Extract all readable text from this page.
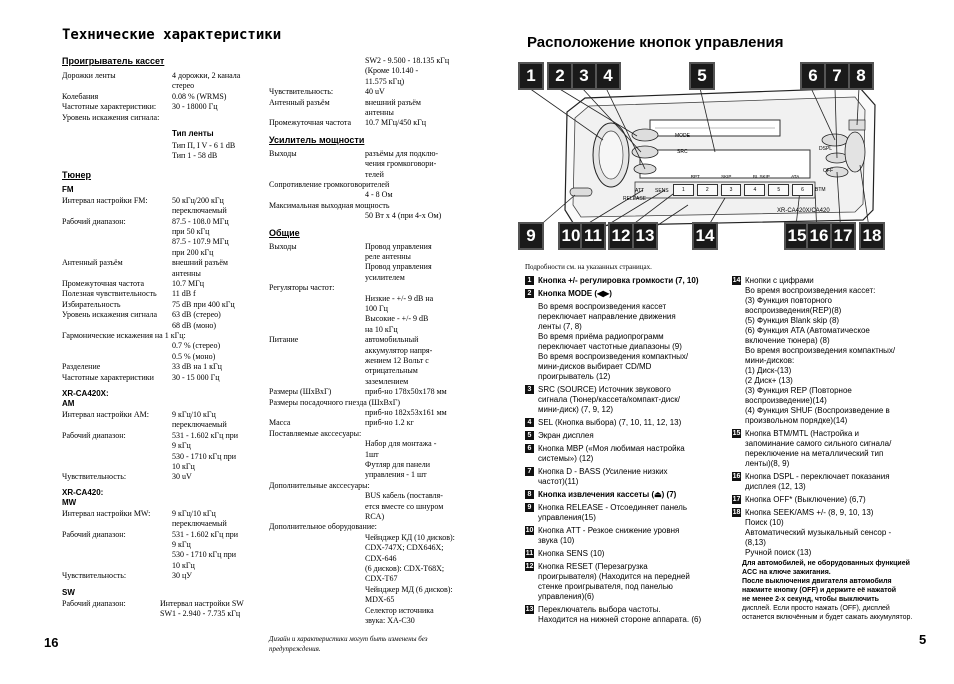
Технические характеристики
Проигрыватель кассет
Дорожки ленты	4 дорожки, 2 канала
стерео
Колебания	0.08 % (WRMS)
Частотные характеристики: 30 - 18000 Гц
Уровень искажения сигнала:
Тип ленты
Тип П, I V - 6 1 dB
Тип 1 - 58 dB
Тюнер
FM
Интервал настройки FM:	50 кГц/200 кГц
переключаемый
Рабочий диапазон:	87.5 - 108.0 МГц
при 50 кГц
87.5 - 107.9 МГц
при 200 кГц
Антенный разъём	внешний разъём
антенны
Промежуточная частота	10.7 МГц
Полезная чувствительность 11 dB f
Избирательность	75 dB при 400 кГц
Уровень искажения сигнала 63 dB (стерео)
68 dB (моно)
Гармонические искажения на 1 кГц:
0.7 % (стерео)
0.5 % (моно)
Разделение	33 dB на 1 кГц
Частотные характеристики 30 - 15 000 Гц
XR-CA420X:
AM
Интервал настройки AM:	9 кГц/10 кГц
переключаемый
Рабочий диапазон:	531 - 1.602 кГц при
9 кГц
530 - 1710 кГц при
10 кГц
Чувствительность:	30 uV
XR-CA420:
MW
Интервал настройки MW:	9 кГц/10 кГц
переключаемый
Рабочий диапазон:	531 - 1.602 кГц при
9 кГц
530 - 1710 кГц при
10 кГц
Чувствительность:	30 цУ
SW
Рабочий диапазон:	Интервал настройки SW
SW1 - 2.940 - 7.735 кГц
SW2 - 9.500 - 18.135 кГц
(Кроме 10.140 -
11.575 кГц)
Чувствительность:	40 uV
Антенный разъём	внешний разъём
антенны
Промежуточная частота 10.7 МГц/450 кГц
Усилитель мощности
Выходы	разъёмы для подклю-
чения громкоговори-
телей
Сопротивление громкоговорителей
4 - 8 Ом
Максимальная выходная мощность
50 Вт x 4 (при 4-х Ом)
Общие
Выходы	Провод управления
реле антенны
Провод управления
усилителем
Регуляторы частот:
Низкие - +/- 9 dB на
100 Гц
Высокие - +/- 9 dB
на 10 кГц
Питание	автомобильный
аккумулятор напря-
жением 12 Вольт с
отрицательным
заземлением
Размеры (ШхВхГ)	приб-но 178x50x178 мм
Размеры посадочного гнезда (ШхВхГ)
приб-но 182x53x161 мм
Масса	приб-но 1.2 кг
Поставляемые акссесуары:
Набор для монтажа -
1шт
Футляр для панели
управления - 1 шт
Дополнительные акссесуары:
BUS кабель (поставля-
ется вместе со шнуром
RCA)
Дополнительное оборудование:
Чейнджер КД (10 дисков):
CDX-747X; CDX646X;
CDX-646
(6 дисков): CDX-T68X;
CDX-T67
Чейнджер МД (6 дисков):
MDX-65
Селектор источника
звука: XA-C30
Дизайн и характеристики могут быть изменены без
предупреждения.
16
Расположение кнопок управления
RELEASE
MODE
SRC
ATT SENS
DSPL
BTM
OFF
1	2	3	4	5	6
RPT	SKIP	BL SKIP	ATA
XR-CA420X/CA420
1	2 3 4	5	6 7 8
9	10 11 12 13 14	15 16 17 18
Подробности см. на указанных страницах.
1 Кнопка +/- регулировка громкости (7, 10)
2 Кнопка MODE (◀▶)
Во время воспроизведения кассет
переключает направление движения
ленты (7, 8)
Во время приёма радиопрограмм
переключает частотные диапазоны (9)
Во время воспроизведения компактных/
мини-дисков выбирает CD/MD
проигрыватель (12)
3 SRC (SOURCE) Источник звукового
сигнала (Тюнер/кассета/компакт-диск/
мини-диск) (7, 9, 12)
4 SEL (Кнопка выбора) (7, 10, 11, 12, 13)
5 Экран дисплея
6 Кнопка MBP («Моя любимая настройка
системы») (12)
7 Кнопка D - BASS (Усиление низких
частот)(11)
8 Кнопка извлечения кассеты (⏏) (7)
9 Кнопка RELEASE - Отсоединяет панель
управления(15)
10 Кнопка ATT - Резкое снижение уровня
звука (10)
11 Кнопка SENS (10)
12 Кнопка RESET (Перезагрузка
проигрывателя) (Находится на передней
стенке проигрывателя, под панелью
управления)(6)
13 Переключатель выбора частоты.
Находится на нижней стороне аппарата. (6)
14 Кнопки с цифрами
Во время воспроизведения кассет:
(3) Функция повторного
воспроизведения(REP)(8)
(5) Функция Blank skip (8)
(6) Функция ATA (Автоматическое
включение тюнера) (8)
Во время воспроизведения компактных/
мини-дисков:
(1) Диск-(13)
(2 Диск+ (13)
(3) Функция REP (Повторное
воспроизведение)(14)
(4) Функция SHUF (Воспроизведение в
произвольном порядке)(14)
15 Кнопка BTM/MTL (Настройка и
запоминание самого сильного сигнала/
переключение на металлический тип
ленты)(8, 9)
16 Кнопка DSPL - переключает показания
дисплея (12, 13)
17 Кнопка OFF* (Выключение) (6,7)
18 Кнопка SEEK/AMS +/- (8, 9, 10, 13)
Поиск (10)
Автоматический музыкальный сенсор -
(8,13)
Ручной поиск (13)
Для автомобилей, не оборудованных функцией
ACC на ключе зажигания.
После выключения двигателя автомобиля
нажмите кнопку (OFF) и держите её нажатой
не менее 2-х секунд, чтобы выключить
дисплей. Если просто нажать (OFF), дисплей
останется включённым и будет сажать аккумулятор.
5
